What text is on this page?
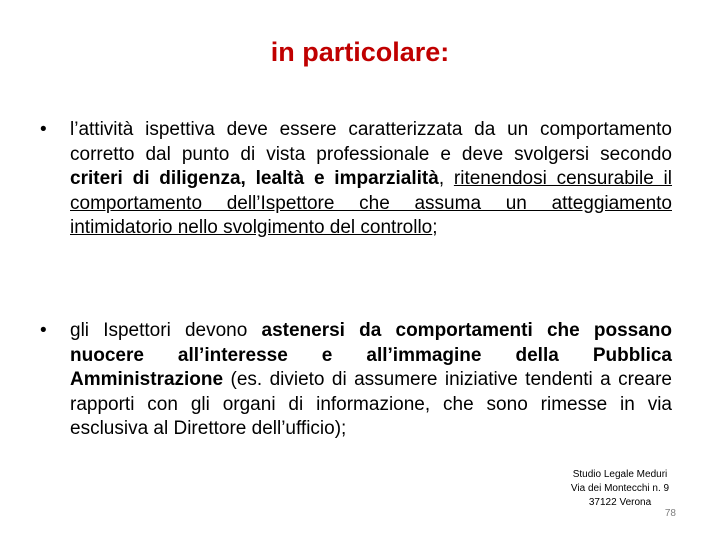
in particolare:
•	l’attività ispettiva deve essere caratterizzata da un comportamento corretto dal punto di vista professionale e deve svolgersi secondo criteri di diligenza, lealtà e imparzialità, ritenendosi censurabile il comportamento dell’Ispettore che assuma un atteggiamento intimidatorio nello svolgimento del controllo;
•	gli Ispettori devono astenersi da comportamenti che possano nuocere all’interesse e all’immagine della Pubblica Amministrazione (es. divieto di assumere iniziative tendenti a creare rapporti con gli organi di informazione, che sono rimesse in via esclusiva al Direttore dell’ufficio);
Studio Legale Meduri
Via dei Montecchi n. 9
37122 Verona
78
